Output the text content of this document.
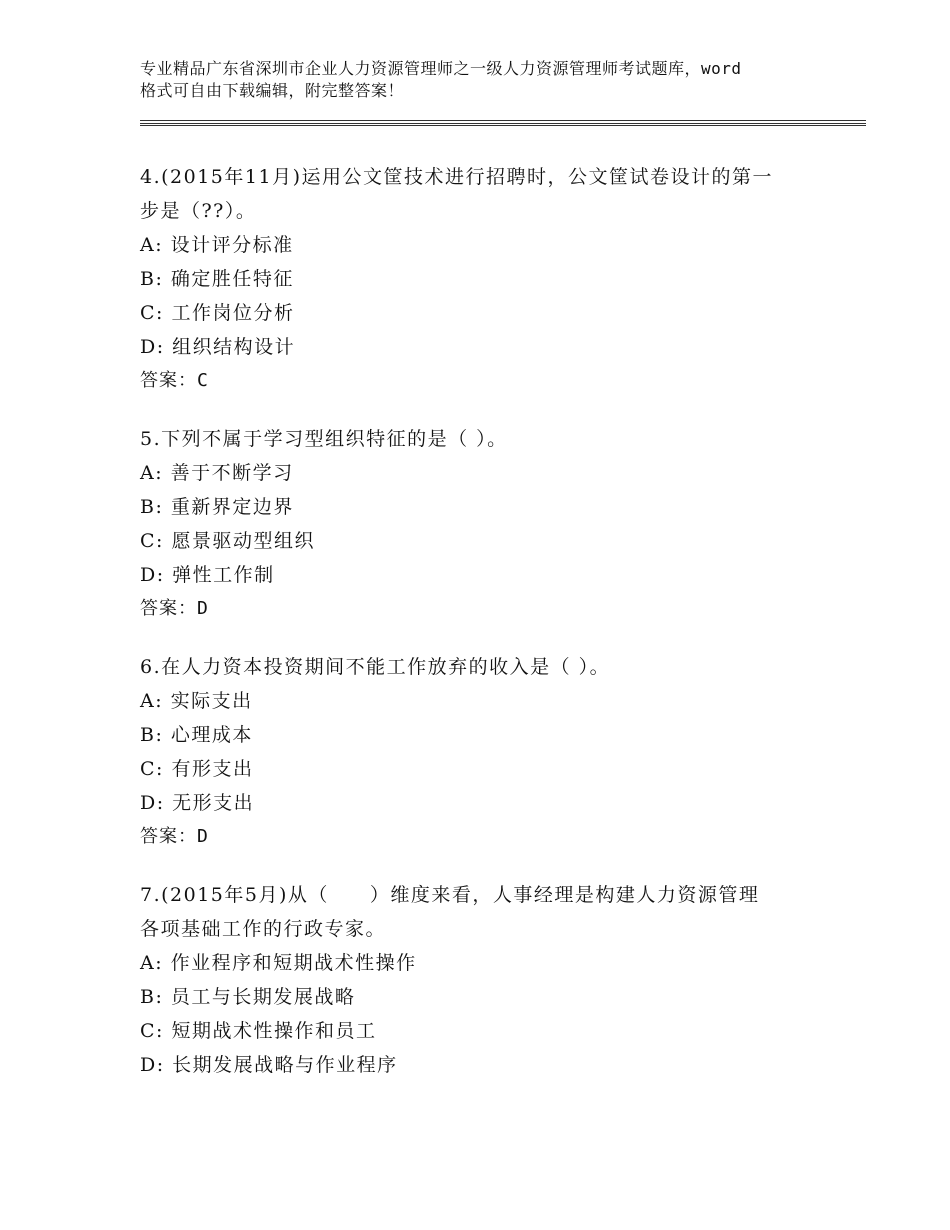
专业精品广东省深圳市企业人力资源管理师之一级人力资源管理师考试题库，word
格式可自由下载编辑，附完整答案！
4.(2015年11月)运用公文筐技术进行招聘时，公文筐试卷设计的第一
步是（??）。
A: 设计评分标准
B: 确定胜任特征
C: 工作岗位分析
D: 组织结构设计
答案：C
5.下列不属于学习型组织特征的是（ ）。
A: 善于不断学习
B: 重新界定边界
C: 愿景驱动型组织
D: 弹性工作制
答案：D
6.在人力资本投资期间不能工作放弃的收入是（ ）。
A: 实际支出
B: 心理成本
C: 有形支出
D: 无形支出
答案：D
7.(2015年5月)从（　　）维度来看，人事经理是构建人力资源管理
各项基础工作的行政专家。
A: 作业程序和短期战术性操作
B: 员工与长期发展战略
C: 短期战术性操作和员工
D: 长期发展战略与作业程序
